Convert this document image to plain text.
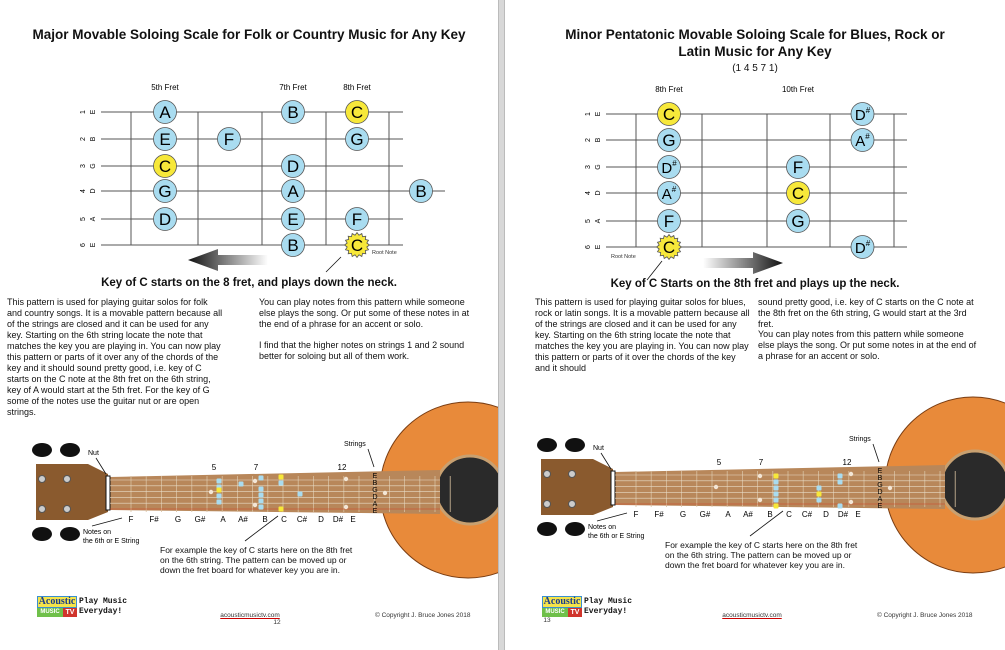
Major Movable Soloing Scale for Folk or Country Music for Any Key
1 E
2 B
3 G
4 D
5 A
6 E
5th Fret	7th Fret	8th Fret
A	B	C
E	F	G
C	D
G	A	B
D	E	F
B	C Root Note
Nut
Strings
E
B
G
D
A
E
5	7	12
F F# G G# A A# B C C# D D# E
Notes on
the 6th or E String
Key of C starts on the 8 fret, and plays down the neck.
This pattern is used for playing guitar solos for folk and country songs. It is a movable pattern because all of the strings are closed and it can be used for any key. Starting on the 6th string locate the note that matches the key you are playing in. You can now play this pattern or parts of it over any of the chords of the key and it should sound pretty good, i.e. key of C starts on the C note at the 8th fret on the 6th string, key of A would start at the 5th fret. For the key of G some of the notes use the guitar nut or are open strings.
You can play notes from this pattern while someone else plays the song. Or put some of these notes in at the end of a phrase for an accent or solo.
I find that the higher notes on strings 1 and 2 sound better for soloing but all of them work.
For example the key of C starts here on the 8th fret on the 6th string. The pattern can be moved up or down the fret board for whatever key you are in.
Acoustic
MUSIC TV
Play Music
Everyday!	acousticmusictv.com
12
© Copyright J. Bruce Jones 2018
Minor Pentatonic Movable Soloing Scale for Blues, Rock or Latin Music for Any Key
(1 4 5 7 1)
1 E
2 B
3 G
4 D
5 A
6 E
8th Fret	10th Fret
C	D#
G	A#
D#	F
A#	C
F	G
C	D#
Root Note
Nut
Strings
E
B
G
D
A
E
5	7	12
F F# G G# A A# B C C# D D# E
Notes on
the 6th or E String
Key of C Starts on the 8th fret and plays up the neck.
This pattern is used for playing guitar solos for blues, rock or latin songs. It is a movable pattern because all of the strings are closed and it can be used for any key. Starting on the 6th string locate the note that matches the key you are playing in. You can now play this pattern or parts of it over the chords of the key and it should
sound pretty good, i.e. key of C starts on the C note at the 8th fret on the 6th string, G would start at the 3rd fret.
You can play notes from this pattern while someone else plays the song. Or put some notes in at the end of a phrase for an accent or solo.
For example the key of C starts here on the 8th fret on the 6th string. The pattern can be moved up or down the fret board for whatever key you are in.
Acoustic
MUSIC TV
Play Music
Everyday!	acousticmusictv.com
13
© Copyright J. Bruce Jones 2018
